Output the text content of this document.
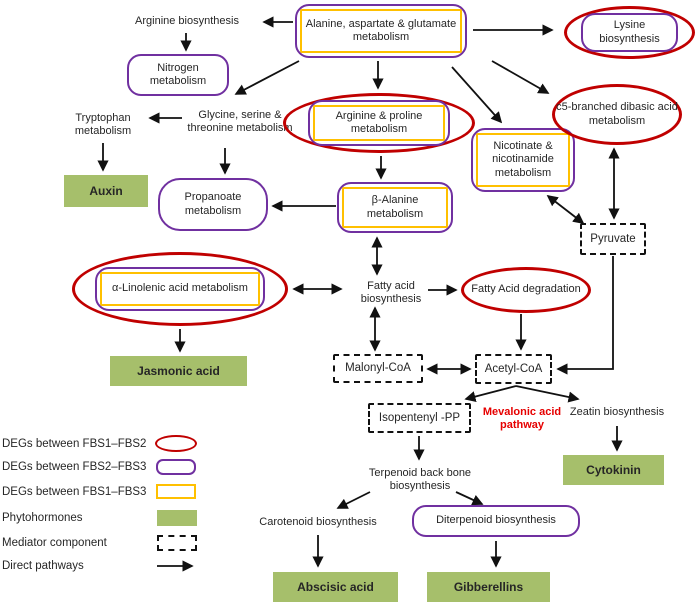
Arginine biosynthesis
Tryptophan metabolism
Glycine, serine & threonine metabolism
Fatty acid biosynthesis
Mevalonic acid pathway
Zeatin biosynthesis
Terpenoid back bone biosynthesis
Carotenoid biosynthesis
Alanine, aspartate & glutamate metabolism
Nicotinate & nicotinamide metabolism
β-Alanine metabolism
Nitrogen metabolism
Propanoate metabolism
Diterpenoid biosynthesis
c5-branched dibasic acid metabolism
Fatty Acid degradation
Lysine biosynthesis
Arginine & proline metabolism
α-Linolenic acid metabolism
Pyruvate
Malonyl-CoA	Acetyl-CoA
Isopentenyl -PP
Auxin
Jasmonic acid
Cytokinin
Abscisic acid	Gibberellins
DEGs between FBS1–FBS2
DEGs between FBS2–FBS3
DEGs between FBS1–FBS3
Phytohormones
Mediator component
Direct pathways
